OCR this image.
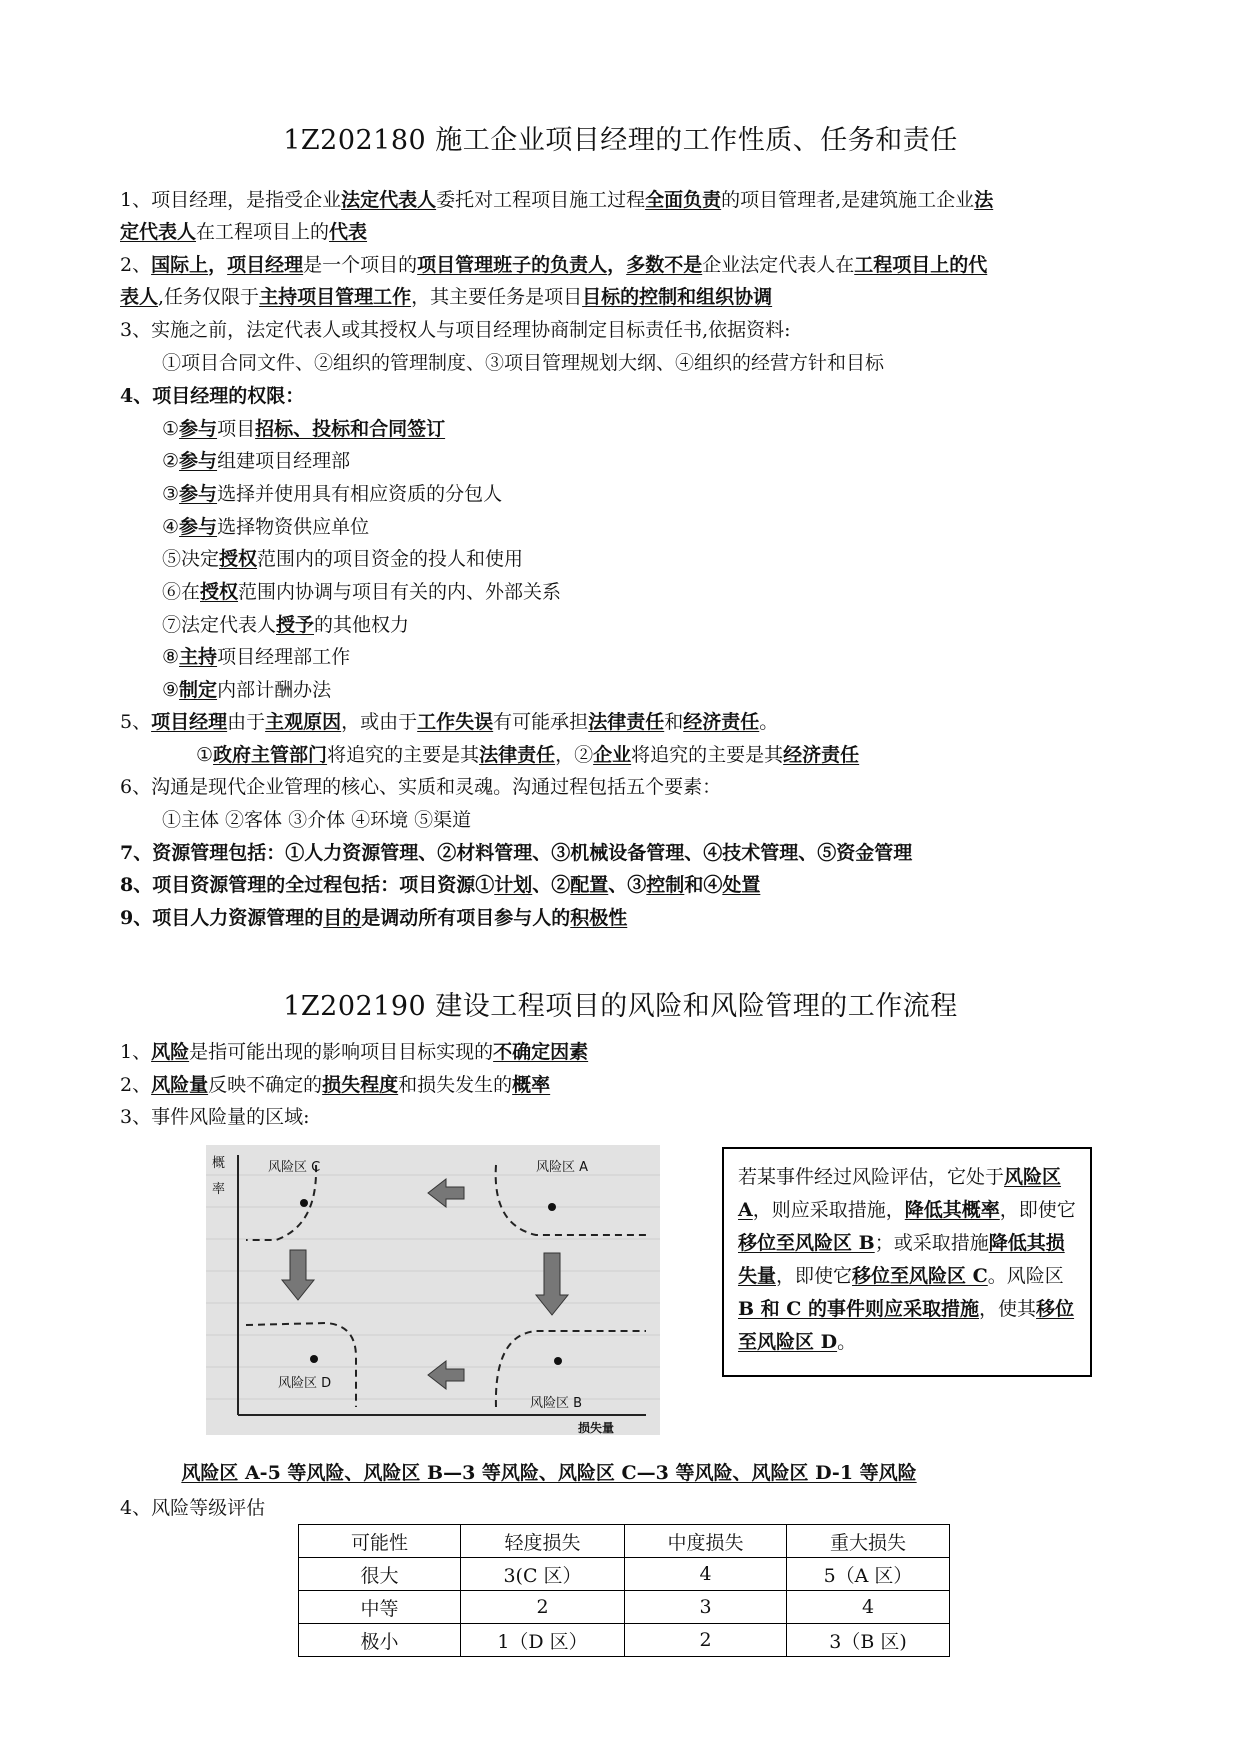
1Z202180 施工企业项目经理的工作性质、任务和责任
1、项目经理，是指受企业法定代表人委托对工程项目施工过程全面负责的项目管理者,是建筑施工企业法
定代表人在工程项目上的代表
2、国际上，项目经理是一个项目的项目管理班子的负责人，多数不是企业法定代表人在工程项目上的代
表人,任务仅限于主持项目管理工作，其主要任务是项目目标的控制和组织协调
3、实施之前，法定代表人或其授权人与项目经理协商制定目标责任书,依据资料:
①项目合同文件、②组织的管理制度、③项目管理规划大纲、④组织的经营方针和目标
4、项目经理的权限：
①参与项目招标、投标和合同签订
②参与组建项目经理部
③参与选择并使用具有相应资质的分包人
④参与选择物资供应单位
⑤决定授权范围内的项目资金的投人和使用
⑥在授权范围内协调与项目有关的内、外部关系
⑦法定代表人授予的其他权力
⑧主持项目经理部工作
⑨制定内部计酬办法
5、项目经理由于主观原因，或由于工作失误有可能承担法律责任和经济责任。
①政府主管部门将追究的主要是其法律责任，②企业将追究的主要是其经济责任
6、沟通是现代企业管理的核心、实质和灵魂。沟通过程包括五个要素：
①主体 ②客体 ③介体 ④环境 ⑤渠道
7、资源管理包括：①人力资源管理、②材料管理、③机械设备管理、④技术管理、⑤资金管理
8、项目资源管理的全过程包括：项目资源①计划、②配置、③控制和④处置
9、项目人力资源管理的目的是调动所有项目参与人的积极性
1Z202190 建设工程项目的风险和风险管理的工作流程
1、风险是指可能出现的影响项目目标实现的不确定因素
2、风险量反映不确定的损失程度和损失发生的概率
3、事件风险量的区域:
概率
损失量
风险区 C	风险区 A
风险区 D
风险区 B
若某事件经过风险评估，它处于风险区 A，则应采取措施，降低其概率，即使它移位至风险区 B；或采取措施降低其损失量，即使它移位至风险区 C。风险区 B 和 C 的事件则应采取措施，使其移位至风险区 D。
风险区 A-5 等风险、风险区 B—3 等风险、风险区 C—3 等风险、风险区 D-1 等风险
4、风险等级评估
可能性	轻度损失	中度损失	重大损失
很大	3(C 区）	4	5（A 区）
中等	2	3	4
极小	1（D 区）	2	3（B 区)
